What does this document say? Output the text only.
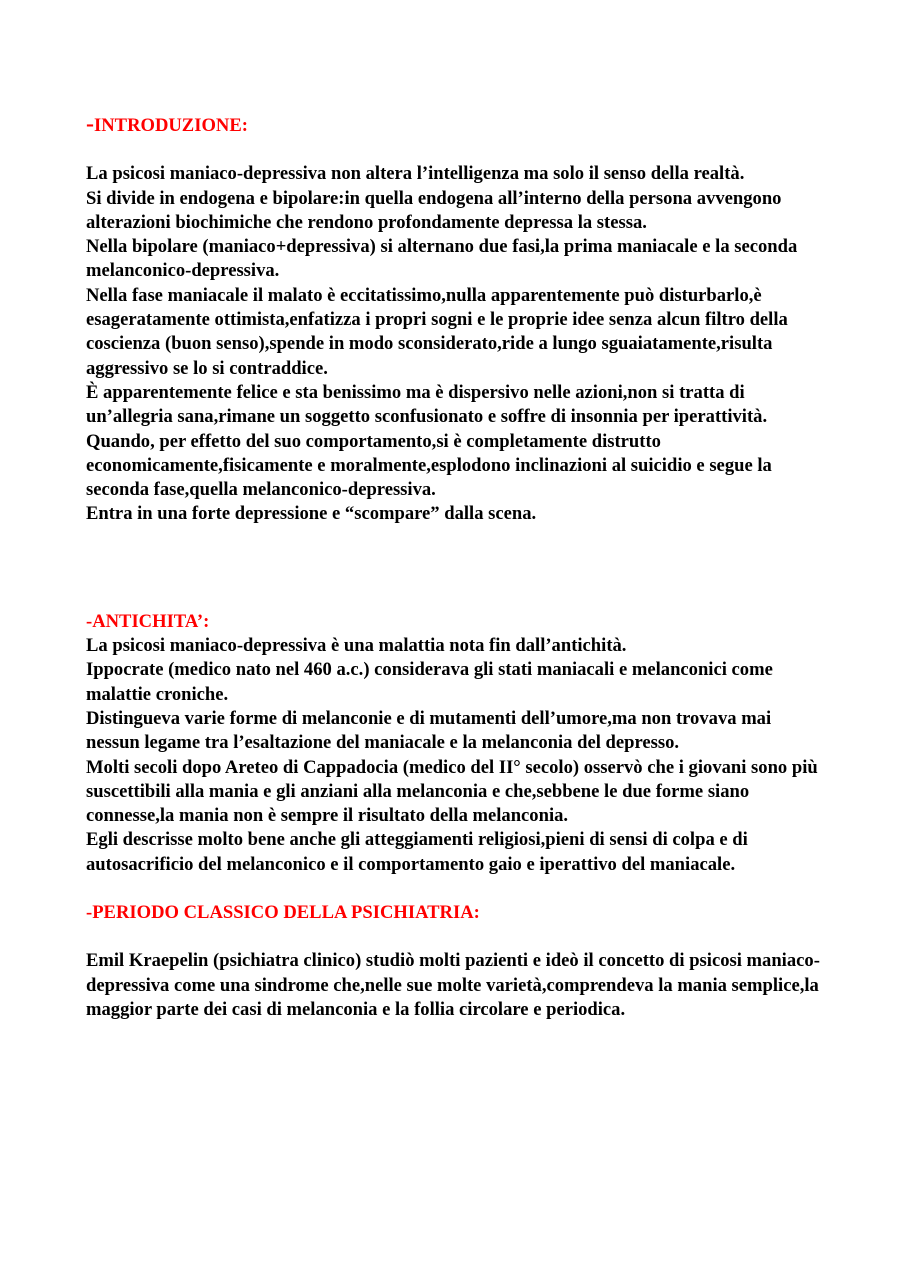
-INTRODUZIONE:

La psicosi maniaco-depressiva non altera l’intelligenza ma solo il senso della realtà.

Si divide in endogena e bipolare:in quella endogena all’interno della persona avvengono alterazioni biochimiche che rendono profondamente depressa la stessa.

Nella bipolare (maniaco+depressiva) si alternano due fasi,la prima maniacale e la seconda melanconico-depressiva.

Nella fase maniacale il malato è eccitatissimo,nulla apparentemente può disturbarlo,è esageratamente ottimista,enfatizza i propri sogni e le proprie idee senza alcun filtro della coscienza (buon senso),spende in modo sconsiderato,ride a lungo sguaiatamente,risulta aggressivo se lo si contraddice.

È apparentemente felice e sta benissimo ma è dispersivo nelle azioni,non si tratta di un’allegria sana,rimane un soggetto sconfusionato e soffre di insonnia per iperattività.

Quando, per effetto del suo comportamento,si è completamente distrutto economicamente,fisicamente e moralmente,esplodono inclinazioni al suicidio e segue la seconda fase,quella melanconico-depressiva.

Entra in una forte depressione e “scompare” dalla scena.

-ANTICHITA’:

La psicosi maniaco-depressiva è una malattia nota fin dall’antichità.

Ippocrate (medico nato nel 460 a.c.) considerava gli stati maniacali e melanconici come malattie croniche.

Distingueva varie forme di melanconie e di mutamenti dell’umore,ma non trovava mai nessun legame tra l’esaltazione del maniacale e la melanconia del depresso.

Molti secoli dopo Areteo di Cappadocia (medico del II° secolo) osservò che i giovani sono più suscettibili alla mania e gli anziani alla melanconia e che,sebbene le due forme siano connesse,la mania non è sempre il risultato della melanconia.

Egli descrisse molto bene anche gli atteggiamenti religiosi,pieni di sensi di colpa e di autosacrificio del melanconico e il comportamento gaio e iperattivo del maniacale.

-PERIODO CLASSICO DELLA PSICHIATRIA:

Emil Kraepelin (psichiatra clinico) studiò molti pazienti e ideò il concetto di psicosi maniaco-depressiva come una sindrome che,nelle sue molte varietà,comprendeva la mania semplice,la maggior parte dei casi di melanconia e la follia circolare e periodica.
